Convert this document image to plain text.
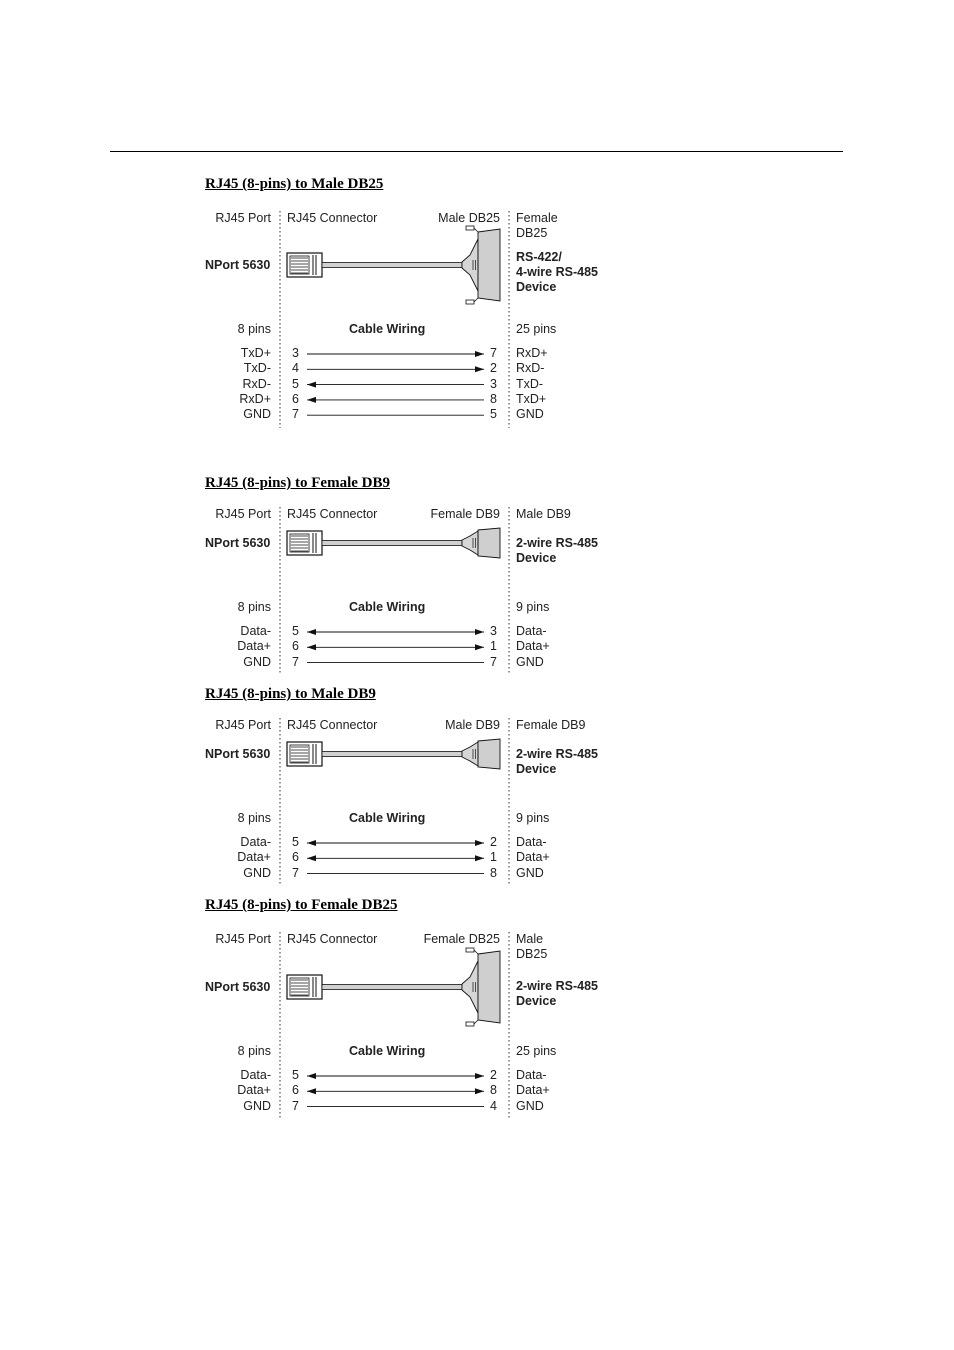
RJ45 (8-pins) to Male DB25
RJ45 Port RJ45 Connector	Male DB25 Female
DB25
NPort 5630
RS-422/
4-wire RS-485
Device
8 pins	Cable Wiring	25 pins
TxD+ 3	7 RxD+
TxD- 4	2 RxD-
RxD- 5	3 TxD-
RxD+ 6	8 TxD+
GND 7	5 GND
RJ45 (8-pins) to Female DB9
RJ45 Port RJ45 Connector	Female DB9 Male DB9
NPort 5630	2-wire RS-485
Device
8 pins	Cable Wiring	9 pins
Data- 5	3 Data-
Data+ 6	1 Data+
GND 7	7 GND
RJ45 (8-pins) to Male DB9
RJ45 Port RJ45 Connector	Male DB9 Female DB9
NPort 5630	2-wire RS-485
Device
8 pins	Cable Wiring	9 pins
Data- 5	2 Data-
Data+ 6	1 Data+
GND 7	8 GND
RJ45 (8-pins) to Female DB25
RJ45 Port RJ45 Connector	Female DB25 Male
DB25
NPort 5630	2-wire RS-485
Device
8 pins	Cable Wiring	25 pins
Data- 5	2 Data-
Data+ 6	8 Data+
GND 7	4 GND
